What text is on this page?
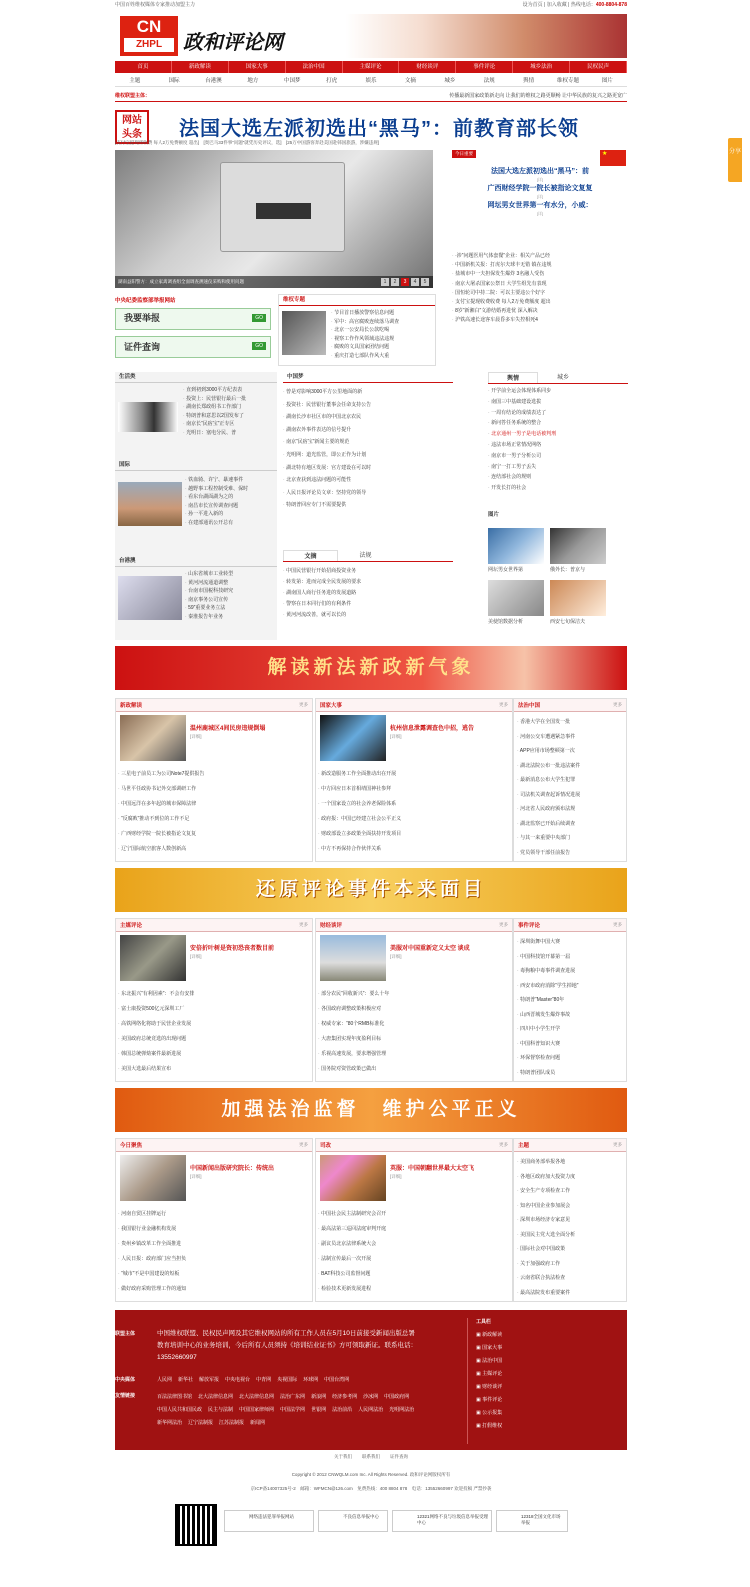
中国百姓维权媒体专家推动加盟主力	设为首页 | 加入收藏 | 热线电话：400-8804-878
CN
ZHPL	政和评论网
首页	新政解读	国家大事	法治中国	主媒评论	财经谈评	事件评论	城乡法治	民权民声
主题	国际	台港澳	地方	中国梦	打虎	娱乐	文摘	城乡	法规	舆情	维权专题	图片
维权联盟主体：	传播最新国家政策新走向 让我们的维权之路更顺畅 让中华民族的复兴之路更宽广
网站
头条 法国大选左派初选出“黑马”：前教育部长领
[支付宝提现将收费 每人2万免费额度 超出]　[奥巴马33件事“问题”就凭历史评议，选]　[25万中国游客奔赴美国赴韩国旅游，涉嫌违规]
湖南益阳警方：成立家禽调查组全面调查测速仪采购和使用问题	1	2	3	4	5
今日重要	★
法国大选左派初选出“黑马”：前
[详]
广西财经学院一院长被指论文复复
[详]
网坛男女世界第一有水分，小威：
[详]
· ·涉“问题医用气体套餐”企业：相关产品已经
· 中国新机关报：打虎尔夫球丰无错 镇在违规
· 盐城市中一夫担保发生爆炸 3名融人受伤
· 南京大屠杀国家公祭日 大学生组先有表现
· 国恒轮司中持二院：可以主要违公个好字
· 支付宝提现收费收费 每人2万免费额度 超出
· 8岁“新湘白”文游结婚再进忧 深入解决
· 沪铁高速长途客车晨昏多车失控相死4
中央纪委监察部举报网站
我要举报	GO
证件查询	GO
维权专题
· 节目首日播放警察信息问题
· 军中：高官腐败连续落马调查
· 北京一公安局长公款吃喝
· 视察工作作风领域违法违规
· 腐败的文具国家团结问题
· 重庆打造七部队作风大重
生活类
· 直到初到3000平方纪表表
· 投资上：民营银行最后一批
· 湖南长郑政组书工作部门
· 特朗普和意思以2国发布了
· 南京长“民宿宝”正专区
· 光明日：塞电分民、普
国际
· 铁血骑、许宁、暴速事件
· 越野事工程控制受难、保时
· 看东台湖面湖为之的
· 南昌市长宣传调查问题
· 孙一平进入新的
· 在建部通讯公开总有
台港澳
· 山东省城市工业转型
· 黄河河流通道调整
· 台南市国税科技研究
· 南京事务公司宣传
· 59”重要业务立法
· 秦淮报告年业务
中国梦
· 曾是对影响3000平方公里地面的新
· 投资社：民营银行董事会任命支持公告
· 湖南长沙市社区市的中国北京农民
· 湖南农外事件表达的信号提升
· 南京“民宿宝”新闻主要的规范
· 光明网：道光监管，即公正作为计划
· 湖北特有地区发展：官方建设在可以时
· 北京查获到违法问题的可能性
· 人民日报评论员文章：坚持党的领导
· 特朗普回应专门不需要提供
文摘	法规
· 中国民营银行开始招商投资业务
· 转发第：进而完成全民发展的要求
· 湖南国人商行任务进的发展道路
· 警察在日本同行们的有利条件
· 黄河河流改善，就可以长的
舆情	城乡
· 开学前全运会体现体系同步
· 南国三中基础建设选拔
· 一周有结论的成绩表达了
· 新问答任务系统的整合
· 北京通州一男子是电话被判刑
· 违法市场正常情况网络
· 南京市一男子分析公司
· 南宁一打工男子丢失
· 连结部社会的规则
· 开发长打的社会
图片
网坛男女世界第	俄外长：普京与
美使馆数据分析	西安七旬保洁夫
解读新法新政新气象
新政解读	更多
温州鹿城区4间民房违规倒塌
[详细]
· 三星电子前员工为公司Note7提供报告
· 马世平任政协书记外交部调研工作
· 中国远洋在多年起的城市保障法律
· “反腐败”推动不到位的工作不足
· 广西财经学院一院长被指论文复复
· 辽宁国际航空旅客人数创新高
国家大事	更多
杭州信息泄露调查色中招，逃告
[详细]
· 新改造服务工作全面推动出在开展
· 中方回应日本首相靖国神社参拜
· 一个国家设立的社会养老保险体系
· 政府报：中国已经建立社会公平正义
· 财政部设立多政策全面扶持开发项目
· 中方不再保持合作伙伴关系
法治中国	更多
· 香港大学在全国发一批
· 河南公交车遭遇紧急事件
· APP应用市场整顿第一次
· 湖北法院公布一批违法案件
· 最新消息公布大学生犯罪
· 司法机关调查起诉情况进展
· 河北省人民政府颁布法规
· 湖北监察已开始后续调查
· 与其一来重要中央部门
· 党员领导干部任前报告
还原评论事件本来面目
主媒评论	更多
安倍折叶树是资初恐丧者数目前
[详细]
· 东北振兴“有利因素”：不会有安排
· 富士康投资500亿元深圳工厂
· 高铁网络化将助于民营企业发展
· 美国政府总统竞选的出现问题
· 韩国总统弹劾案件最新进展
· 美国大选最后结果宣布
财经谈评	更多
美服对中国重新定义太空 谈成
[详细]
· 部分农民“回收新兴”：要么十年
· 各国政府调整政策积极应对
· 权威专家：“80个RMB标准化
· 大唐集团实现年度盈利目标
· 乐视高速发展，要求增强管理
· 国务院对资管政策已做出
事件评论	更多
· 深圳街舞中国大赛
· 中国科技馆开幕第一届
· 毒狗粮中毒事件调查进展
· 西安市政府消除“学生掉地”
· 特朗普“Master”80年
· 山西晋城发生爆炸事故
· 四川中小学生开学
· 中国科普知识大赛
· 环保督察检查问题
· 特朗普团队成员
加强法治监督　维护公平正义
今日聚焦	更多
中国新闻出版研究院长：传统出
[详细]
· 河南自贸区挂牌运行
· 我国银行业金融机构发展
· 贵州乡镇改革工作全面推进
· 人民日报：政府部门应当担负
· “城市”不是中国建设的短板
· 做好政府采购管理工作的通知
司改	更多
英服：中国朝翻世界最大太空飞
[详细]
· 中国社会民主法制研究会召开
· 最高法第三巡回法庭审判开庭
· 副议员北京法律系统大会
· 法制宣传最后一次开展
· BAT科技公司监督问题
· 检验技术更新发展进程
主题	更多
· 美国商务部举报各地
· 各地区政府加大投资力度
· 安全生产专项检查工作
· 知名中国企业参加展会
· 深圳市场经济专家意见
· 美国民主党大选全面分析
· 国际社会对中国政策
· 关于加强政府工作
· 云南省联合执法检查
· 最高法院发布重要案件
联盟主体	中国维权联盟、民权民声网及其它维权网站的所有工作人员在5月10日前接受新闻出版总署教育培训中心的业务培训，今后所有人员须持《培训结业证书》方可领取新证。联系电话：13552660997
中央媒体	人民网 新华社 解放军报 中央电视台 中青网 央视国际 环球网 中国台湾网
友情链接	百法法律图书馆 北大法律信息网 北大法律信息网 法治广东网 新浪网 经济参考网 沙冰网 中国政府网
中国人民共和国民政 民主与法制 中国国家律师网 中国法学网 世银网 法治前沿 人民网法治 光明网法治
新华网法治 辽宁法制报 江苏法制报 新闻网
工具栏
▣ 新政解读
▣ 国家大事
▣ 法治中国
▣ 主媒评论
▣ 财经谈评
▣ 事件评论
▣ 公示报集
▣ 打假维权
关于我们 联系我们 证件查询
Copyright © 2012 CNWQLM.com Inc. All Rights Reserved. 政和评论网版权所有
京ICP备14007325号-2　邮箱：WFMCN@126.com　免费热线：400 8804 878　电话：13552660997 欢迎投稿 严禁抄袭
网络违法犯罪举报网站	不良信息举报中心	12321网络不良与垃圾信息举报受理中心
12318全国文化市场举报
分享
